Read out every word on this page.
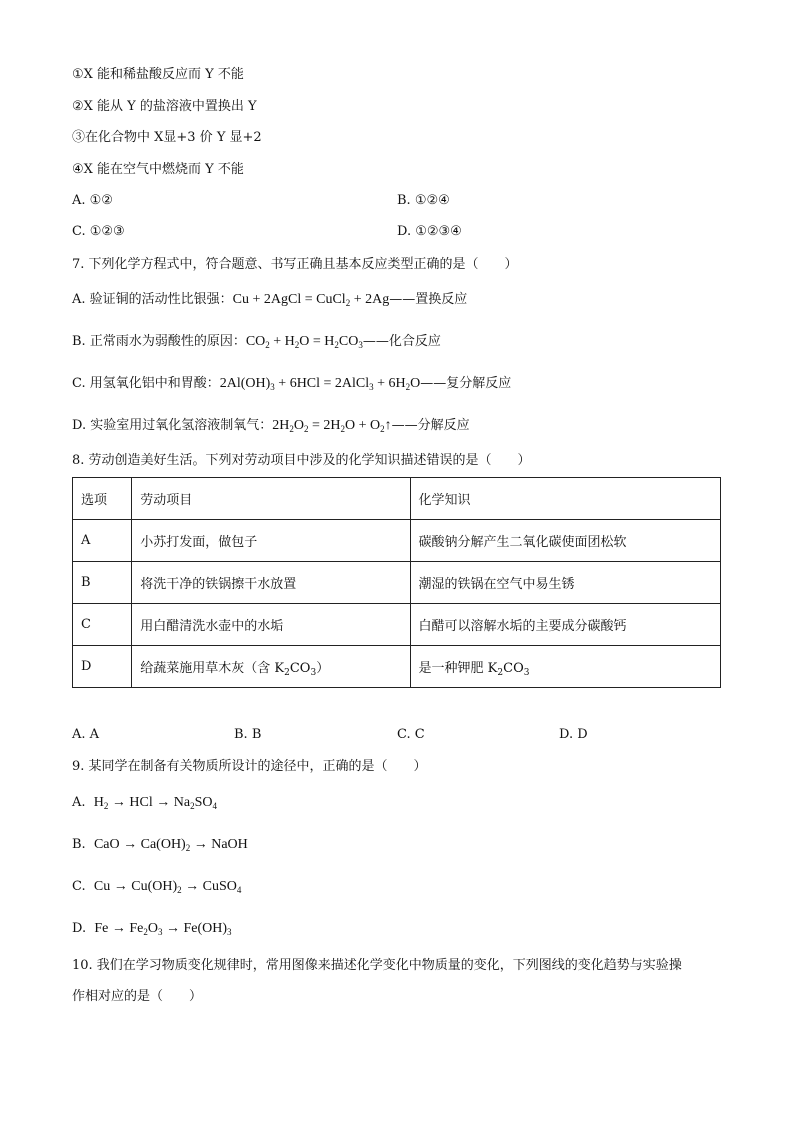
①X 能和稀盐酸反应而 Y 不能
②X 能从 Y 的盐溶液中置换出 Y
③在化合物中 X显+3 价 Y 显+2
④X 能在空气中燃烧而 Y 不能
A. ①②	B. ①②④
C. ①②③	D. ①②③④
7. 下列化学方程式中，符合题意、书写正确且基本反应类型正确的是（　　）
A. 验证铜的活动性比银强：Cu + 2AgCl = CuCl$_2$ + 2Ag——置换反应
B. 正常雨水为弱酸性的原因：$CO_2 + H_2O$ = $H_2CO_3——$化合反应
C. 用氢氧化铝中和胃酸：$2Al(OH)_3 + 6HCl$ = 2AlCl$_3$ + $6H_2O——$复分解反应
D. 实验室用过氧化氢溶液制氧气：$2H_2O_2 = 2H_2O$ + $O_2↑——$分解反应
8. 劳动创造美好生活。下列对劳动项目中涉及的化学知识描述错误的是（　　）
选项	劳动项目	化学知识
A	小苏打发面，做包子	碳酸钠分解产生二氧化碳使面团松软
B	将洗干净的铁锅擦干水放置	潮湿的铁锅在空气中易生锈
C	用白醋清洗水壶中的水垢	白醋可以溶解水垢的主要成分碳酸钙
D	给蔬菜施用草木灰（含 $K_2CO_3$）	是一种钾肥 $K_2CO_3$
A. A	B. B	C. C	D. D
9. 某同学在制备有关物质所设计的途径中，正确的是（　　）
A. $H_2$ → HCl → $Na_2SO_4$
B. CaO → $Ca(OH)_2$ → NaOH
C. $Cu \to Cu(OH)_2$ → CuSO$_4$
D. $Fe \to Fe_2O_3 \to Fe(OH)_3$
10. 我们在学习物质变化规律时，常用图像来描述化学变化中物质量的变化，下列图线的变化趋势与实验操
作相对应的是（　　）
